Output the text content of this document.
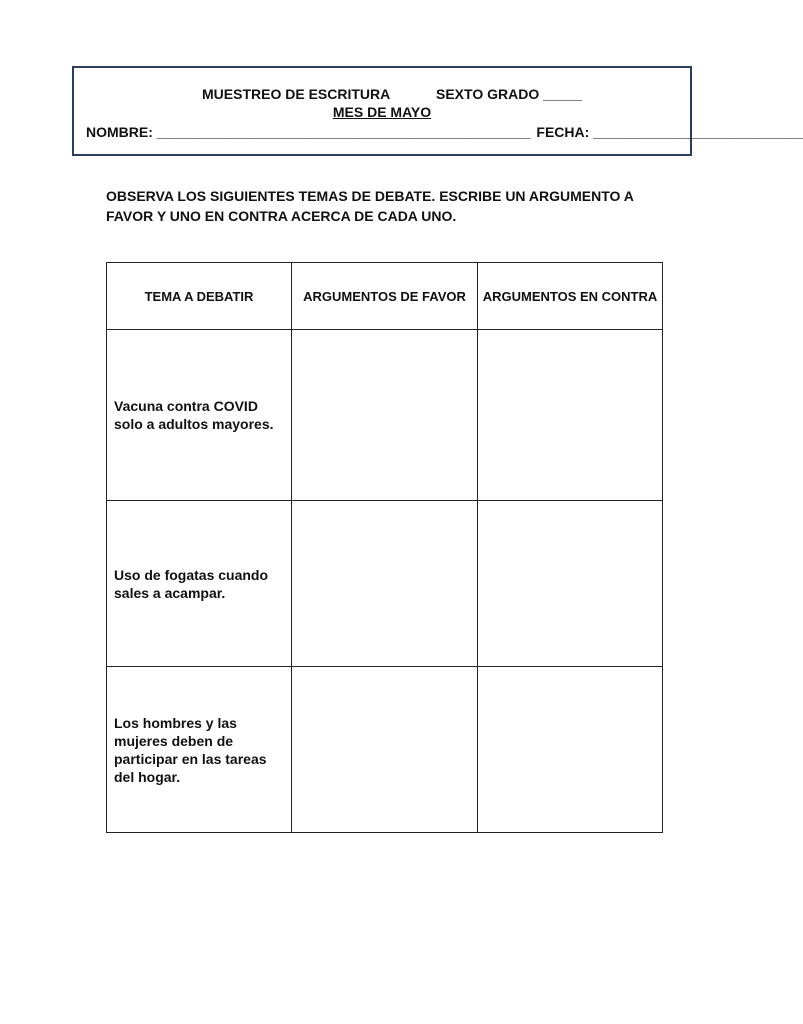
MUESTREO DE ESCRITURA	SEXTO GRADO _____
MES DE MAYO
NOMBRE: ________________________________________________ FECHA: ___________________________
OBSERVA LOS SIGUIENTES TEMAS DE DEBATE. ESCRIBE UN ARGUMENTO A FAVOR Y UNO EN CONTRA ACERCA DE CADA UNO.
TEMA A DEBATIR	ARGUMENTOS DE FAVOR	ARGUMENTOS EN CONTRA
Vacuna contra COVID solo a adultos mayores.		
Uso de fogatas cuando sales a acampar.		
Los hombres y las mujeres deben de participar en las tareas del hogar.		
